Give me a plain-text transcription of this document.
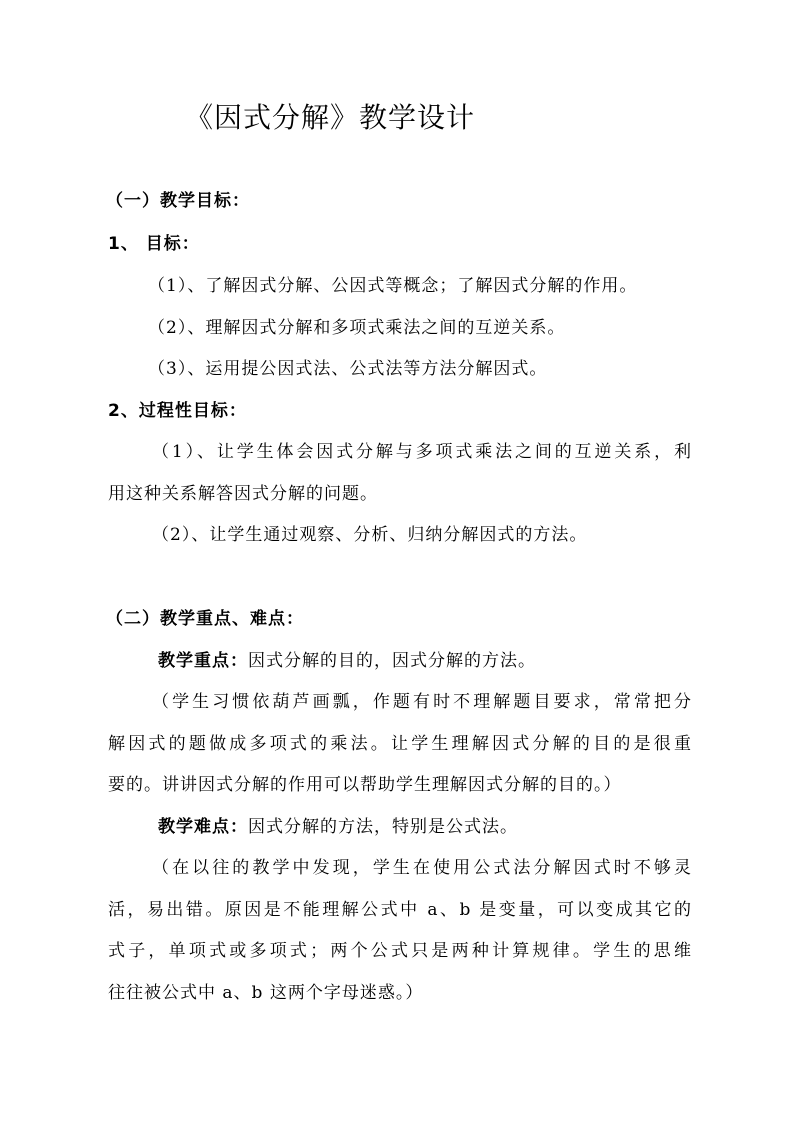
《因式分解》教学设计
（一）教学目标：
1、 目标：
（1）、了解因式分解、公因式等概念；了解因式分解的作用。
（2）、理解因式分解和多项式乘法之间的互逆关系。
（3）、运用提公因式法、公式法等方法分解因式。
2、过程性目标：
（1）、让学生体会因式分解与多项式乘法之间的互逆关系，利
用这种关系解答因式分解的问题。
（2）、让学生通过观察、分析、归纳分解因式的方法。
（二）教学重点、难点：
教学重点：因式分解的目的，因式分解的方法。
（学生习惯依葫芦画瓢，作题有时不理解题目要求，常常把分
解因式的题做成多项式的乘法。让学生理解因式分解的目的是很重
要的。讲讲因式分解的作用可以帮助学生理解因式分解的目的。）
教学难点：因式分解的方法，特别是公式法。
（在以往的教学中发现，学生在使用公式法分解因式时不够灵
活，易出错。原因是不能理解公式中 a、b 是变量，可以变成其它的
式子，单项式或多项式；两个公式只是两种计算规律。学生的思维
往往被公式中 a、b 这两个字母迷惑。）
